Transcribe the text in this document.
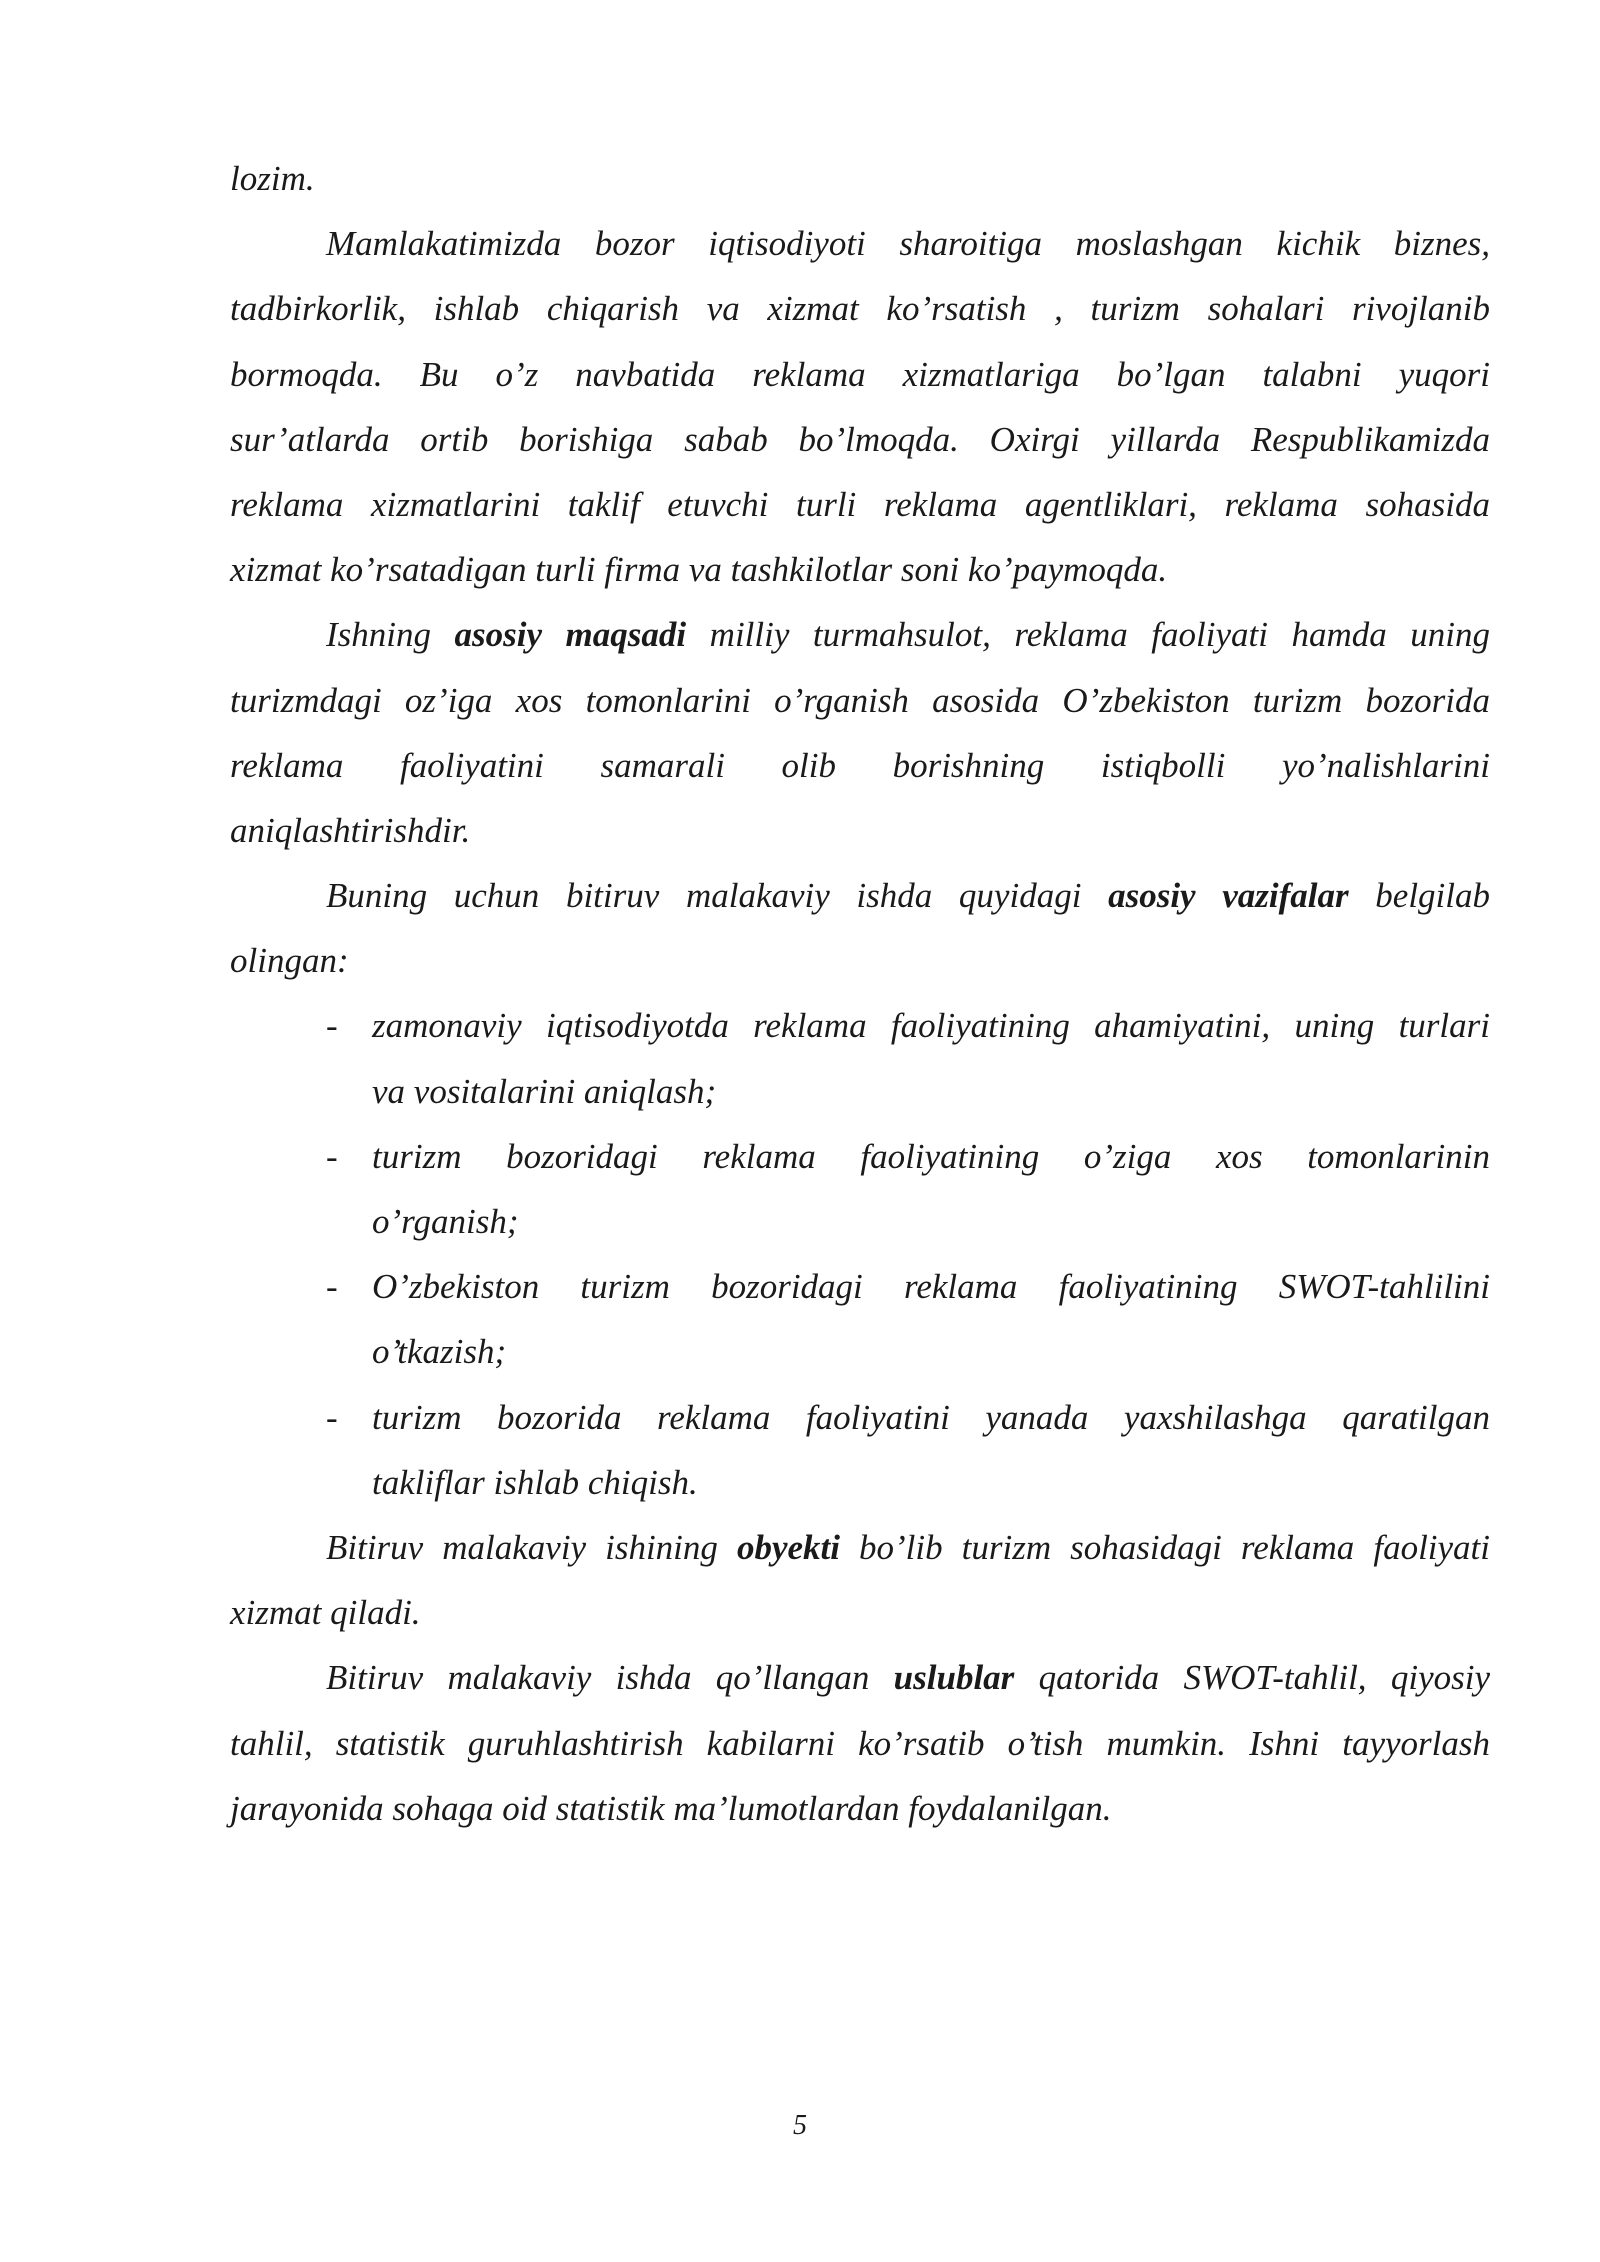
lozim.
Mamlakatimizda bozor iqtisodiyoti sharoitiga moslashgan kichik biznes,
tadbirkorlik, ishlab chiqarish va xizmat ko’rsatish , turizm sohalari rivojlanib
bormoqda. Bu o’z navbatida reklama xizmatlariga bo’lgan talabni yuqori
sur’atlarda ortib borishiga sabab bo’lmoqda. Oxirgi yillarda Respublikamizda
reklama xizmatlarini taklif etuvchi turli reklama agentliklari, reklama sohasida
xizmat ko’rsatadigan turli firma va tashkilotlar soni ko’paymoqda.
Ishning asosiy maqsadi milliy turmahsulot, reklama faoliyati hamda uning
turizmdagi oz’iga xos tomonlarini o’rganish asosida O’zbekiston turizm bozorida
reklama faoliyatini samarali olib borishning istiqbolli yo’nalishlarini
aniqlashtirishdir.
Buning uchun bitiruv malakaviy ishda quyidagi asosiy vazifalar belgilab
olingan:
- zamonaviy iqtisodiyotda reklama faoliyatining ahamiyatini, uning turlari
va vositalarini aniqlash;
- turizm bozoridagi reklama faoliyatining o’ziga xos tomonlarinin
o’rganish;
- O’zbekiston turizm bozoridagi reklama faoliyatining SWOT-tahlilini
o’tkazish;
- turizm bozorida reklama faoliyatini yanada yaxshilashga qaratilgan
takliflar ishlab chiqish.
Bitiruv malakaviy ishining obyekti bo’lib turizm sohasidagi reklama faoliyati
xizmat qiladi.
Bitiruv malakaviy ishda qo’llangan uslublar qatorida SWOT-tahlil, qiyosiy
tahlil, statistik guruhlashtirish kabilarni ko’rsatib o’tish mumkin. Ishni tayyorlash
jarayonida sohaga oid statistik ma’lumotlardan foydalanilgan.
5
